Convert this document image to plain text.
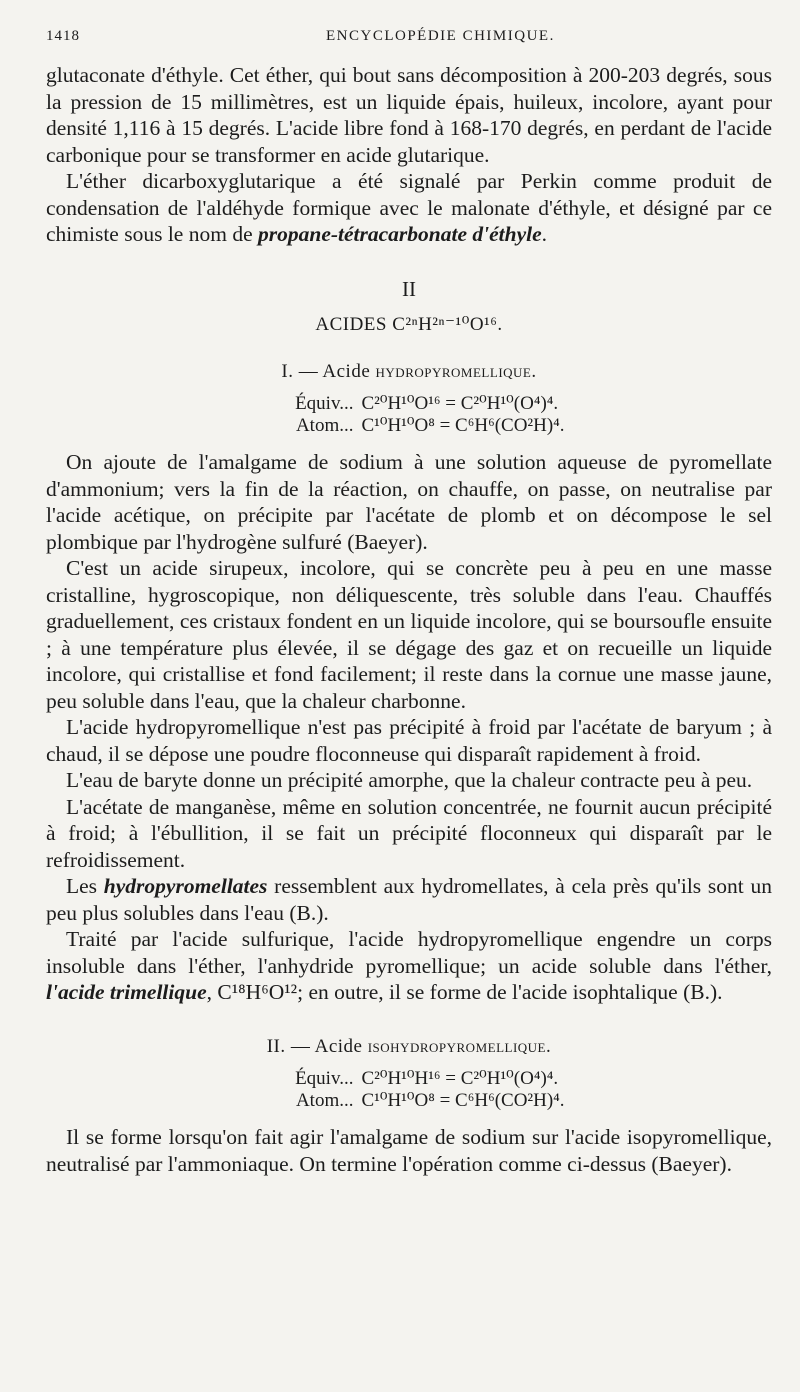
1418	ENCYCLOPÉDIE CHIMIQUE.

glutaconate d'éthyle. Cet éther, qui bout sans décomposition à 200-203 degrés, sous la pression de 15 millimètres, est un liquide épais, huileux, incolore, ayant pour densité 1,116 à 15 degrés. L'acide libre fond à 168-170 degrés, en perdant de l'acide carbonique pour se transformer en acide glutarique.

L'éther dicarboxyglutarique a été signalé par Perkin comme produit de condensation de l'aldéhyde formique avec le malonate d'éthyle, et désigné par ce chimiste sous le nom de propane-tétracarbonate d'éthyle.

II
ACIDES C²ⁿH²ⁿ⁻¹⁰O¹⁶.
I. — Acide hydropyromellique.
Équiv... C²⁰H¹⁰O¹⁶ = C²⁰H¹⁰(O⁴)⁴.
Atom... C¹⁰H¹⁰O⁸ = C⁶H⁶(CO²H)⁴.

On ajoute de l'amalgame de sodium à une solution aqueuse de pyromellate d'ammonium; vers la fin de la réaction, on chauffe, on passe, on neutralise par l'acide acétique, on précipite par l'acétate de plomb et on décompose le sel plombique par l'hydrogène sulfuré (Baeyer).

C'est un acide sirupeux, incolore, qui se concrète peu à peu en une masse cristalline, hygroscopique, non déliquescente, très soluble dans l'eau. Chauffés graduellement, ces cristaux fondent en un liquide incolore, qui se boursoufle ensuite ; à une température plus élevée, il se dégage des gaz et on recueille un liquide incolore, qui cristallise et fond facilement; il reste dans la cornue une masse jaune, peu soluble dans l'eau, que la chaleur charbonne.

L'acide hydropyromellique n'est pas précipité à froid par l'acétate de baryum ; à chaud, il se dépose une poudre floconneuse qui disparaît rapidement à froid.

L'eau de baryte donne un précipité amorphe, que la chaleur contracte peu à peu.

L'acétate de manganèse, même en solution concentrée, ne fournit aucun précipité à froid; à l'ébullition, il se fait un précipité floconneux qui disparaît par le refroidissement.

Les hydropyromellates ressemblent aux hydromellates, à cela près qu'ils sont un peu plus solubles dans l'eau (B.).

Traité par l'acide sulfurique, l'acide hydropyromellique engendre un corps insoluble dans l'éther, l'anhydride pyromellique; un acide soluble dans l'éther, l'acide trimellique, C¹⁸H⁶O¹²; en outre, il se forme de l'acide isophtalique (B.).

II. — Acide isohydropyromellique.
Équiv... C²⁰H¹⁰H¹⁶ = C²⁰H¹⁰(O⁴)⁴.
Atom... C¹⁰H¹⁰O⁸ = C⁶H⁶(CO²H)⁴.

Il se forme lorsqu'on fait agir l'amalgame de sodium sur l'acide isopyromellique, neutralisé par l'ammoniaque. On termine l'opération comme ci-dessus (Baeyer).
